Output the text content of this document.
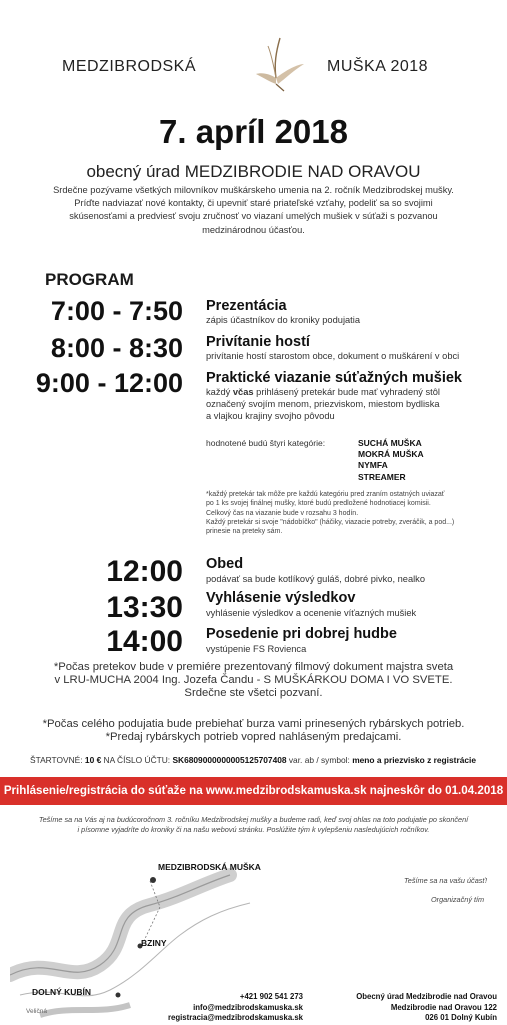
MEDZIBRODSKÁ	MUŠKA 2018
7. apríl 2018
obecný úrad MEDZIBRODIE NAD ORAVOU
Srdečne pozývame všetkých milovníkov muškárskeho umenia na 2. ročník Medzibrodskej mušky.
Príďte nadviazať nové kontakty, či upevniť staré priateľské vzťahy, podeliť sa so svojimi
skúsenosťami a predviesť svoju zručnosť vo viazaní umelých mušiek v súťaži s pozvanou
medzinárodnou účasťou.
PROGRAM
7:00 - 7:50 Prezentácia
zápis účastníkov do kroniky podujatia
8:00 - 8:30 Privítanie hostí
privítanie hostí starostom obce, dokument o muškárení v obci
9:00 - 12:00 Praktické viazanie súťažných mušiek
každý včas prihlásený pretekár bude mať vyhradený stôl
označený svojím menom, priezviskom, miestom bydliska
a vlajkou krajiny svojho pôvodu
hodnotené budú štyri kategórie:	SUCHÁ MUŠKA
MOKRÁ MUŠKA
NYMFA
STREAMER
*každý pretekár tak môže pre každú kategóriu pred zraním ostatných uviazať
po 1 ks svojej finálnej mušky, ktoré budú predložené hodnotiacej komisii.
Celkový čas na viazanie bude v rozsahu 3 hodín.
Každý pretekár si svoje "nádobíčko" (háčiky, viazacie potreby, zveráčik, a pod...)
prinesie na preteky sám.
12:00 Obed
podávať sa bude kotlíkový guláš, dobré pivko, nealko
13:30 Vyhlásenie výsledkov
vyhlásenie výsledkov a ocenenie víťazných mušiek
14:00 Posedenie pri dobrej hudbe
vystúpenie FS Rovienca
*Počas pretekov bude v premiére prezentovaný filmový dokument majstra sveta
v LRU-MUCHA 2004 Ing. Jozefa Čandu - S MUŠKÁRKOU DOMA I VO SVETE.
Srdečne ste všetci pozvaní.
*Počas celého podujatia bude prebiehať burza vami prinesených rybárskych potrieb.
*Predaj rybárskych potrieb vopred nahláseným predajcami.
ŠTARTOVNÉ: 10 € NA ČÍSLO ÚČTU: SK6809000000005125707408 var. ab / symbol: meno a priezvisko z registrácie
Prihlásenie/registrácia do súťaže na www.medzibrodskamuska.sk najneskôr do 01.04.2018
Tešíme sa na Vás aj na budúcoročnom 3. ročníku Medzibrodskej mušky a budeme radi, keď svoj ohlas na toto podujatie po skončení
i písomne vyjadríte do kroniky či na našu webovú stránku. Poslúžite tým k vylepšeniu nasledujúcich ročníkov.
MEDZIBRODSKÁ MUŠKA
BZINY
DOLNÝ KUBÍN
Veličná
Tešíme sa na vašu účasť!
Organizačný tím
+421 902 541 273
info@medzibrodskamuska.sk
registracia@medzibrodskamuska.sk
Obecný úrad Medzibrodie nad Oravou
Medzibrodie nad Oravou 122
026 01 Dolný Kubín
